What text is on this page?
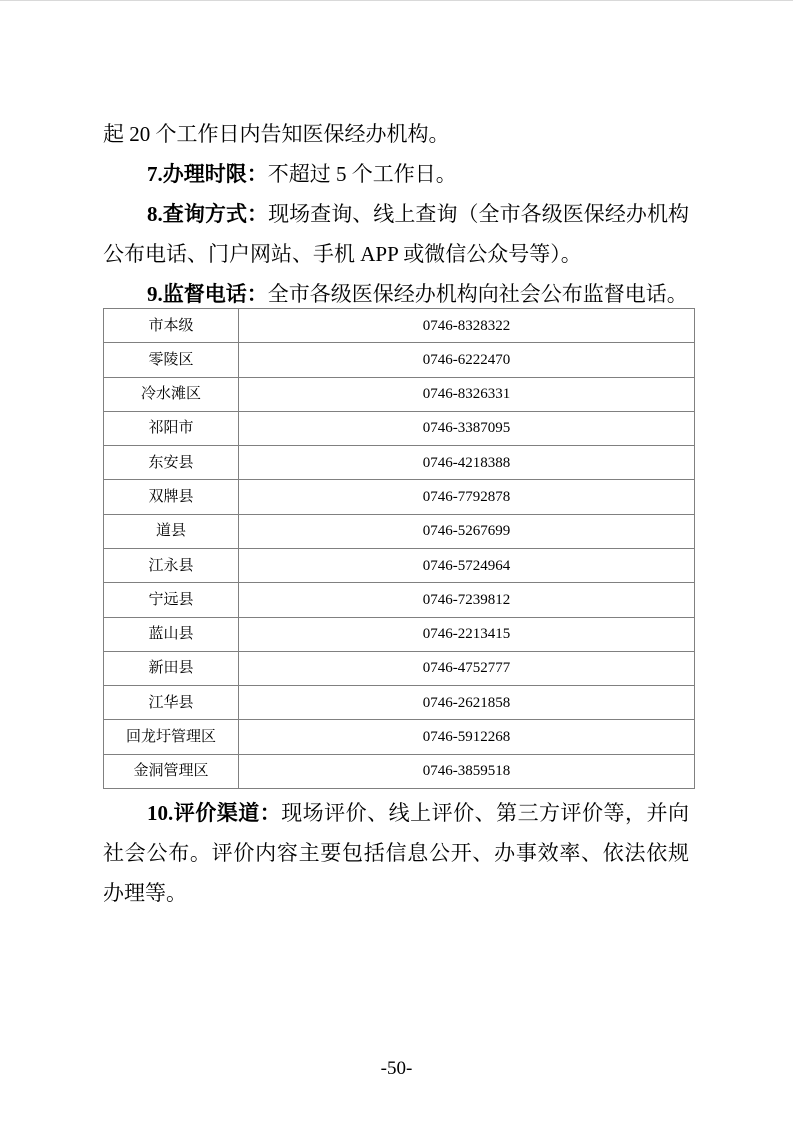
起 20 个工作日内告知医保经办机构。

7.办理时限：不超过 5 个工作日。

8.查询方式：现场查询、线上查询（全市各级医保经办机构公布电话、门户网站、手机 APP 或微信公众号等）。

9.监督电话：全市各级医保经办机构向社会公布监督电话。

市本级	0746-8328322
零陵区	0746-6222470
冷水滩区	0746-8326331
祁阳市	0746-3387095
东安县	0746-4218388
双牌县	0746-7792878
道县	0746-5267699
江永县	0746-5724964
宁远县	0746-7239812
蓝山县	0746-2213415
新田县	0746-4752777
江华县	0746-2621858
回龙圩管理区	0746-5912268
金洞管理区	0746-3859518

10.评价渠道：现场评价、线上评价、第三方评价等，并向社会公布。评价内容主要包括信息公开、办事效率、依法依规办理等。

-50-
